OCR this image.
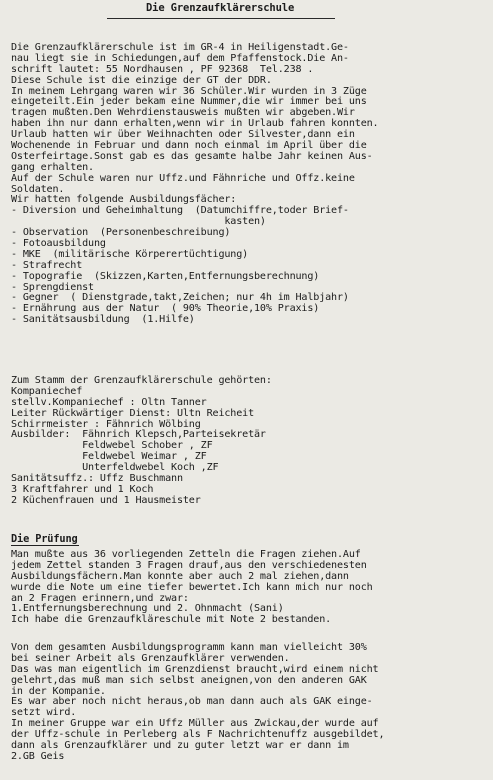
Die Grenzaufklärerschule
Die Grenzaufklärerschule ist im GR-4 in Heiligenstadt.Ge-
nau liegt sie in Schiedungen,auf dem Pfaffenstock.Die An-
schrift lautet: 55 Nordhausen , PF 92368  Tel.238 .
Diese Schule ist die einzige der GT der DDR.
In meinem Lehrgang waren wir 36 Schüler.Wir wurden in 3 Züge
eingeteilt.Ein jeder bekam eine Nummer,die wir immer bei uns
tragen mußten.Den Wehrdienstausweis mußten wir abgeben.Wir
haben ihn nur dann erhalten,wenn wir in Urlaub fahren konnten.
Urlaub hatten wir über Weihnachten oder Silvester,dann ein
Wochenende in Februar und dann noch einmal im April über die
Osterfeirtage.Sonst gab es das gesamte halbe Jahr keinen Aus-
gang erhalten.
Auf der Schule waren nur Uffz.und Fähnriche und Offz.keine
Soldaten.
Wir hatten folgende Ausbildungsfächer:
- Diversion und Geheimhaltung  (Datumchiffre,toder Brief-
kasten)
- Observation  (Personenbeschreibung)
- Fotoausbildung
- MKE  (militärische Körperertüchtigung)
- Strafrecht
- Topografie  (Skizzen,Karten,Entfernungsberechnung)
- Sprengdienst
- Gegner  ( Dienstgrade,takt,Zeichen; nur 4h im Halbjahr)
- Ernährung aus der Natur  ( 90% Theorie,10% Praxis)
- Sanitätsausbildung  (1.Hilfe)
Zum Stamm der Grenzaufklärerschule gehörten:
Kompaniechef
stellv.Kompaniechef : Oltn Tanner
Leiter Rückwärtiger Dienst: Ultn Reicheit
Schirrmeister : Fähnrich Wölbing
Ausbilder:  Fähnrich Klepsch,Parteisekretär
Feldwebel Schober , ZF
Feldwebel Weimar , ZF
Unterfeldwebel Koch ,ZF
Sanitätsuffz.: Uffz Buschmann
3 Kraftfahrer und 1 Koch
2 Küchenfrauen und 1 Hausmeister
Die Prüfung
Man mußte aus 36 vorliegenden Zetteln die Fragen ziehen.Auf
jedem Zettel standen 3 Fragen drauf,aus den verschiedenesten
Ausbildungsfächern.Man konnte aber auch 2 mal ziehen,dann
wurde die Note um eine tiefer bewertet.Ich kann mich nur noch
an 2 Fragen erinnern,und zwar:
1.Entfernungsberechnung und 2. Ohnmacht (Sani)
Ich habe die Grenzaufkläreschule mit Note 2 bestanden.
Von dem gesamten Ausbildungsprogramm kann man vielleicht 30%
bei seiner Arbeit als Grenzaufklärer verwenden.
Das was man eigentlich im Grenzdienst braucht,wird einem nicht
gelehrt,das muß man sich selbst aneignen,von den anderen GAK
in der Kompanie.
Es war aber noch nicht heraus,ob man dann auch als GAK einge-
setzt wird.
In meiner Gruppe war ein Uffz Müller aus Zwickau,der wurde auf
der Uffz-schule in Perleberg als F Nachrichtenuffz ausgebildet,
dann als Grenzaufklärer und zu guter letzt war er dann im
2.GB Geis
